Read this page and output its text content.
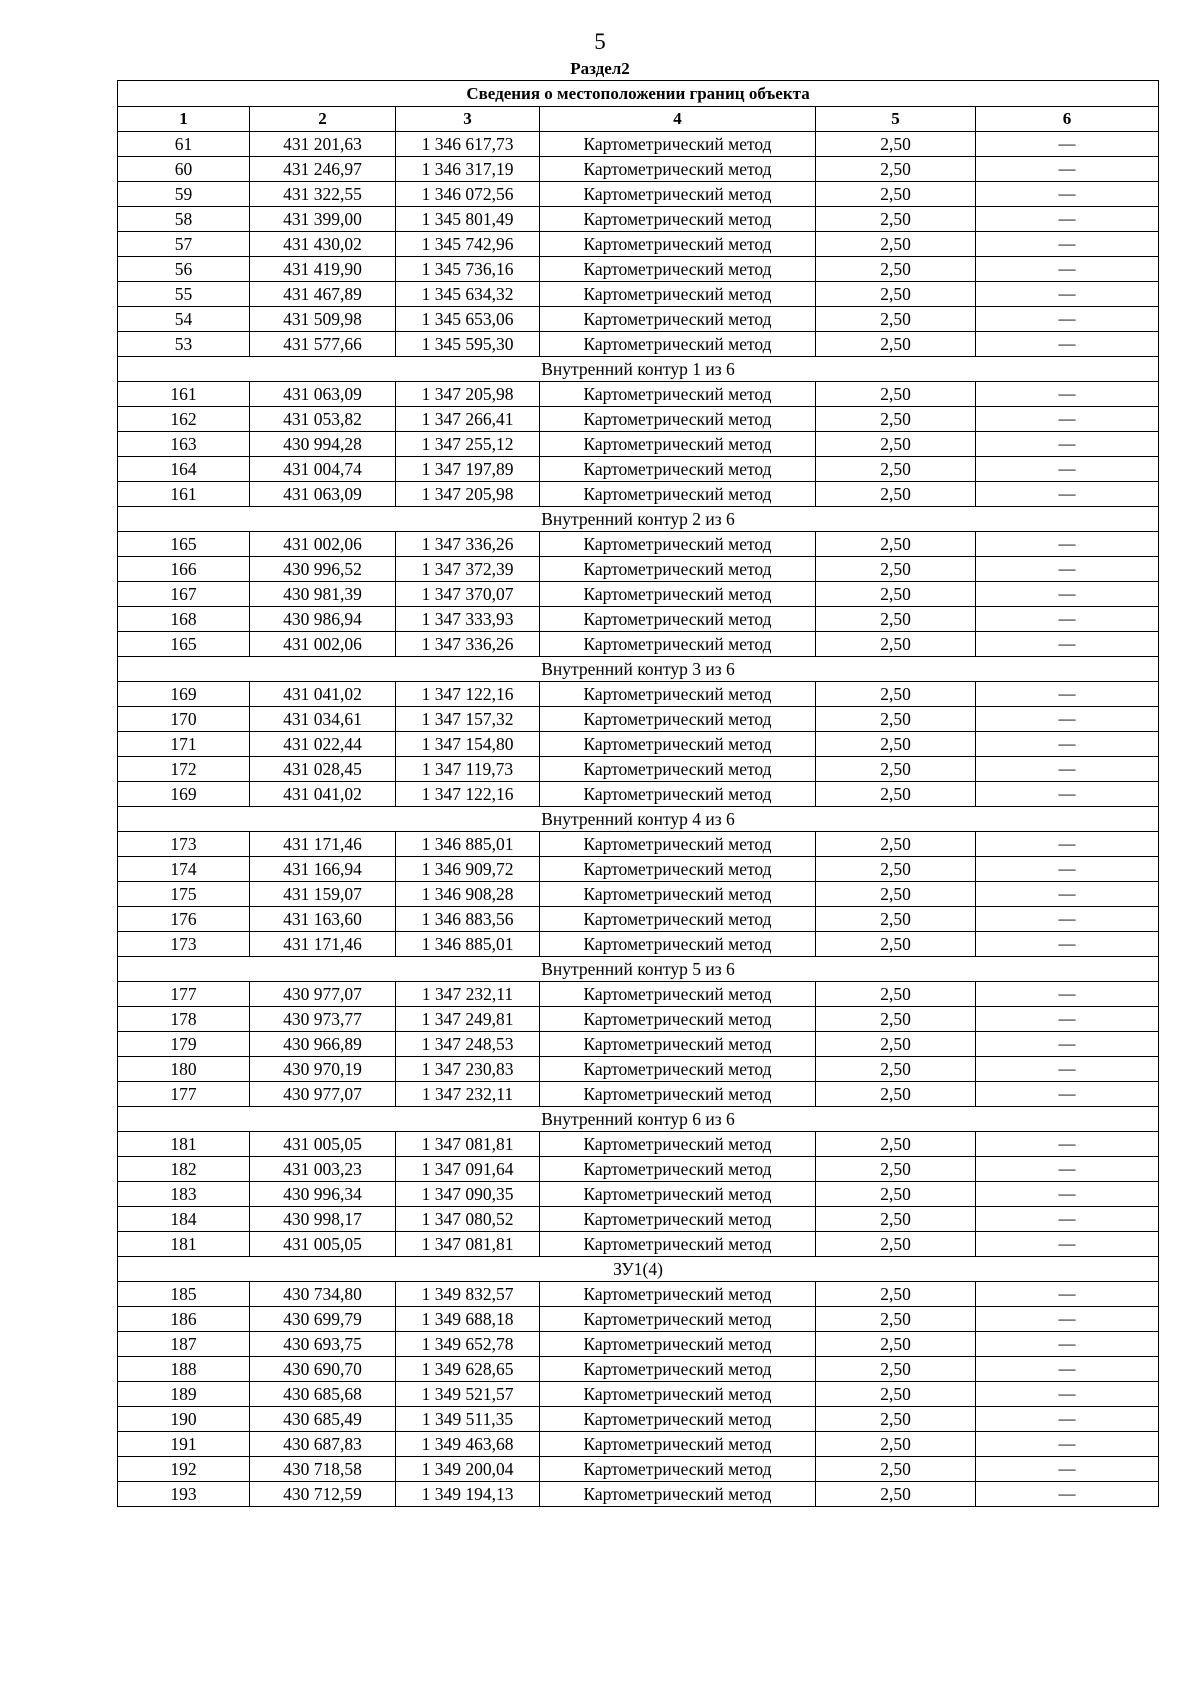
5
Раздел2
Сведения о местоположении границ объекта					
1	2	3	4	5	6
61	431 201,63	1 346 617,73	Картометрический метод	2,50	—
60	431 246,97	1 346 317,19	Картометрический метод	2,50	—
59	431 322,55	1 346 072,56	Картометрический метод	2,50	—
58	431 399,00	1 345 801,49	Картометрический метод	2,50	—
57	431 430,02	1 345 742,96	Картометрический метод	2,50	—
56	431 419,90	1 345 736,16	Картометрический метод	2,50	—
55	431 467,89	1 345 634,32	Картометрический метод	2,50	—
54	431 509,98	1 345 653,06	Картометрический метод	2,50	—
53	431 577,66	1 345 595,30	Картометрический метод	2,50	—
Внутренний контур 1 из 6					
161	431 063,09	1 347 205,98	Картометрический метод	2,50	—
162	431 053,82	1 347 266,41	Картометрический метод	2,50	—
163	430 994,28	1 347 255,12	Картометрический метод	2,50	—
164	431 004,74	1 347 197,89	Картометрический метод	2,50	—
161	431 063,09	1 347 205,98	Картометрический метод	2,50	—
Внутренний контур 2 из 6					
165	431 002,06	1 347 336,26	Картометрический метод	2,50	—
166	430 996,52	1 347 372,39	Картометрический метод	2,50	—
167	430 981,39	1 347 370,07	Картометрический метод	2,50	—
168	430 986,94	1 347 333,93	Картометрический метод	2,50	—
165	431 002,06	1 347 336,26	Картометрический метод	2,50	—
Внутренний контур 3 из 6					
169	431 041,02	1 347 122,16	Картометрический метод	2,50	—
170	431 034,61	1 347 157,32	Картометрический метод	2,50	—
171	431 022,44	1 347 154,80	Картометрический метод	2,50	—
172	431 028,45	1 347 119,73	Картометрический метод	2,50	—
169	431 041,02	1 347 122,16	Картометрический метод	2,50	—
Внутренний контур 4 из 6					
173	431 171,46	1 346 885,01	Картометрический метод	2,50	—
174	431 166,94	1 346 909,72	Картометрический метод	2,50	—
175	431 159,07	1 346 908,28	Картометрический метод	2,50	—
176	431 163,60	1 346 883,56	Картометрический метод	2,50	—
173	431 171,46	1 346 885,01	Картометрический метод	2,50	—
Внутренний контур 5 из 6					
177	430 977,07	1 347 232,11	Картометрический метод	2,50	—
178	430 973,77	1 347 249,81	Картометрический метод	2,50	—
179	430 966,89	1 347 248,53	Картометрический метод	2,50	—
180	430 970,19	1 347 230,83	Картометрический метод	2,50	—
177	430 977,07	1 347 232,11	Картометрический метод	2,50	—
Внутренний контур 6 из 6					
181	431 005,05	1 347 081,81	Картометрический метод	2,50	—
182	431 003,23	1 347 091,64	Картометрический метод	2,50	—
183	430 996,34	1 347 090,35	Картометрический метод	2,50	—
184	430 998,17	1 347 080,52	Картометрический метод	2,50	—
181	431 005,05	1 347 081,81	Картометрический метод	2,50	—
ЗУ1(4)					
185	430 734,80	1 349 832,57	Картометрический метод	2,50	—
186	430 699,79	1 349 688,18	Картометрический метод	2,50	—
187	430 693,75	1 349 652,78	Картометрический метод	2,50	—
188	430 690,70	1 349 628,65	Картометрический метод	2,50	—
189	430 685,68	1 349 521,57	Картометрический метод	2,50	—
190	430 685,49	1 349 511,35	Картометрический метод	2,50	—
191	430 687,83	1 349 463,68	Картометрический метод	2,50	—
192	430 718,58	1 349 200,04	Картометрический метод	2,50	—
193	430 712,59	1 349 194,13	Картометрический метод	2,50	—
